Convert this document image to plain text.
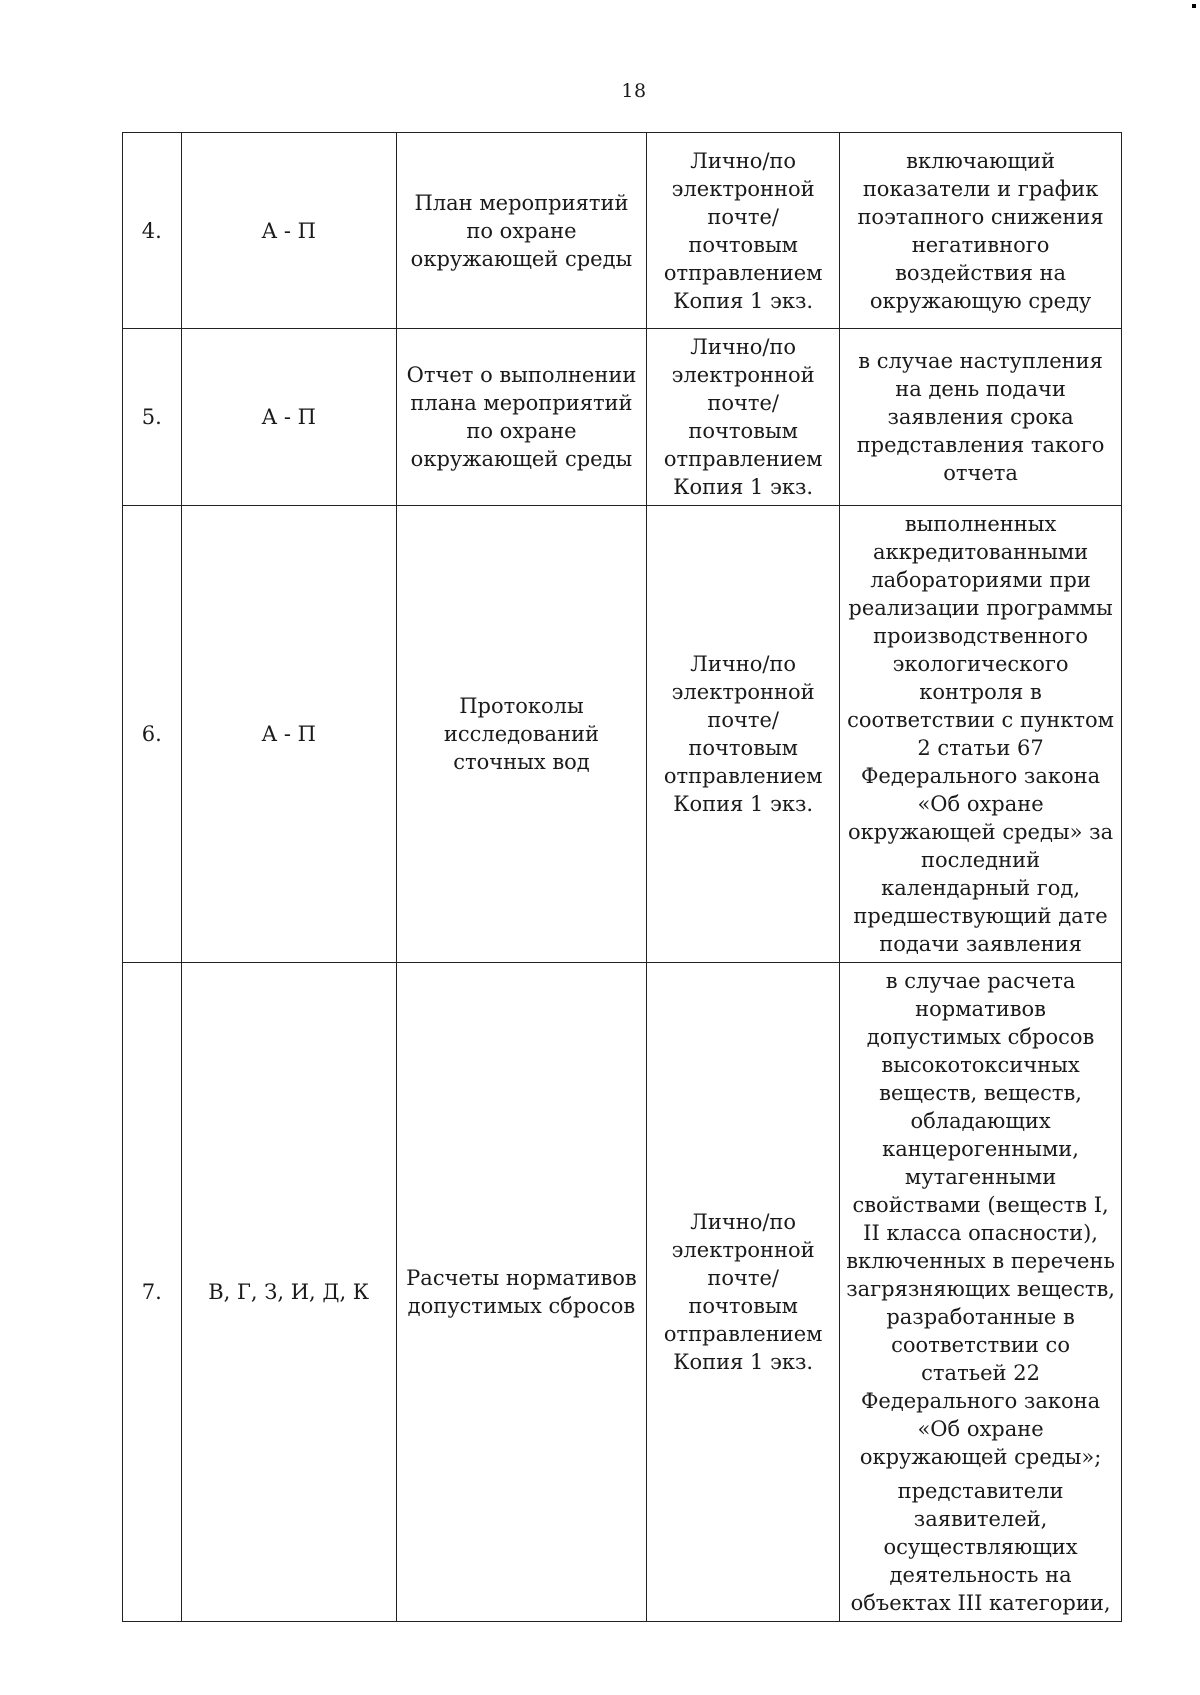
18
4.	А - П	План мероприятий по охране окружающей среды	Лично/по электронной почте/почтовым отправлением Копия 1 экз.	включающий показатели и график поэтапного снижения негативного воздействия на окружающую среду

5.	А - П	Отчет о выполнении плана мероприятий по охране окружающей среды	Лично/по электронной почте/почтовым отправлением Копия 1 экз.	в случае наступления на день подачи заявления срока представления такого отчета

6.	А - П	Протоколы исследований сточных вод	Лично/по электронной почте/почтовым отправлением Копия 1 экз.	выполненных аккредитованными лабораториями при реализации программы производственного экологического контроля в соответствии с пунктом 2 статьи 67 Федерального закона «Об охране окружающей среды» за последний календарный год, предшествующий дате подачи заявления

7.	В, Г, З, И, Д, К	Расчеты нормативов допустимых сбросов	Лично/по электронной почте/почтовым отправлением Копия 1 экз.	в случае расчета нормативов допустимых сбросов высокотоксичных веществ, веществ, обладающих канцерогенными, мутагенными свойствами (веществ I, II класса опасности), включенных в перечень загрязняющих веществ, разработанные в соответствии со статьей 22 Федерального закона «Об охране окружающей среды»;
представители заявителей, осуществляющих деятельность на объектах III категории,
